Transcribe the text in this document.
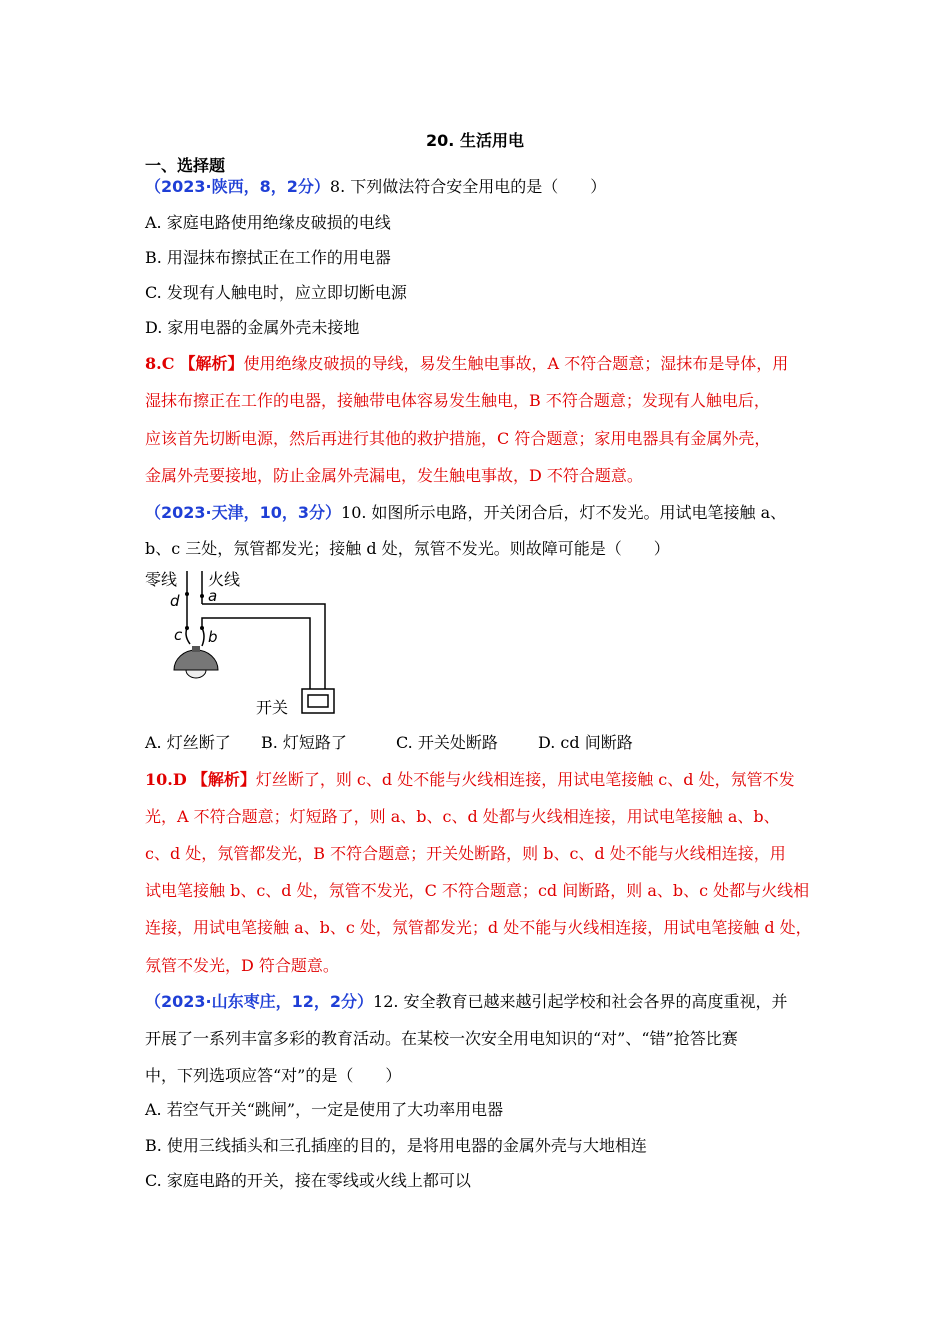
20. 生活用电
一、选择题
（2023·陕西，8，2分）8. 下列做法符合安全用电的是（　　）
A. 家庭电路使用绝缘皮破损的电线
B. 用湿抹布擦拭正在工作的用电器
C. 发现有人触电时，应立即切断电源
D. 家用电器的金属外壳未接地
8.C 【解析】使用绝缘皮破损的导线，易发生触电事故，A 不符合题意；湿抹布是导体，用
湿抹布擦正在工作的电器，接触带电体容易发生触电，B 不符合题意；发现有人触电后，
应该首先切断电源，然后再进行其他的救护措施，C 符合题意；家用电器具有金属外壳，
金属外壳要接地，防止金属外壳漏电，发生触电事故，D 不符合题意。
（2023·天津，10，3分）10. 如图所示电路，开关闭合后，灯不发光。用试电笔接触 a、
b、c 三处，氖管都发光；接触 d 处，氖管不发光。则故障可能是（　　）
零线 火线
d
c
a
b
开关
A. 灯丝断了 B. 灯短路了	C. 开关处断路	D. cd 间断路
10.D 【解析】灯丝断了，则 c、d 处不能与火线相连接，用试电笔接触 c、d 处，氖管不发
光，A 不符合题意；灯短路了，则 a、b、c、d 处都与火线相连接，用试电笔接触 a、b、
c、d 处，氖管都发光，B 不符合题意；开关处断路，则 b、c、d 处不能与火线相连接，用
试电笔接触 b、c、d 处，氖管不发光，C 不符合题意；cd 间断路，则 a、b、c 处都与火线相
连接，用试电笔接触 a、b、c 处，氖管都发光；d 处不能与火线相连接，用试电笔接触 d 处，
氖管不发光，D 符合题意。
（2023·山东枣庄，12，2分）12. 安全教育已越来越引起学校和社会各界的高度重视，并
开展了一系列丰富多彩的教育活动。在某校一次安全用电知识的“对”、“错”抢答比赛
中，下列选项应答“对”的是（　　）
A. 若空气开关“跳闸”，一定是使用了大功率用电器
B. 使用三线插头和三孔插座的目的，是将用电器的金属外壳与大地相连
C. 家庭电路的开关，接在零线或火线上都可以
